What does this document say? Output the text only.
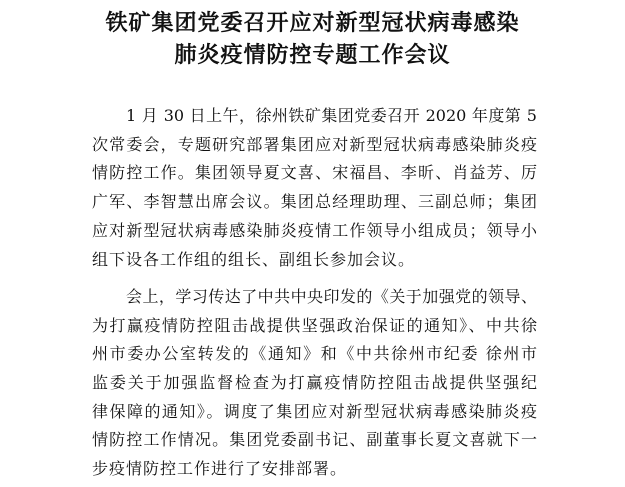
铁矿集团党委召开应对新型冠状病毒感染
肺炎疫情防控专题工作会议
1 月 30 日上午，徐州铁矿集团党委召开 2020 年度第 5
次常委会，专题研究部署集团应对新型冠状病毒感染肺炎疫
情防控工作。集团领导夏文喜、宋福昌、李昕、肖益芳、厉
广军、李智慧出席会议。集团总经理助理、三副总师；集团
应对新型冠状病毒感染肺炎疫情工作领导小组成员；领导小
组下设各工作组的组长、副组长参加会议。
会上，学习传达了中共中央印发的《关于加强党的领导、
为打赢疫情防控阻击战提供坚强政治保证的通知》、中共徐
州市委办公室转发的《通知》和《中共徐州市纪委 徐州市
监委关于加强监督检查为打赢疫情防控阻击战提供坚强纪
律保障的通知》。调度了集团应对新型冠状病毒感染肺炎疫
情防控工作情况。集团党委副书记、副董事长夏文喜就下一
步疫情防控工作进行了安排部署。
